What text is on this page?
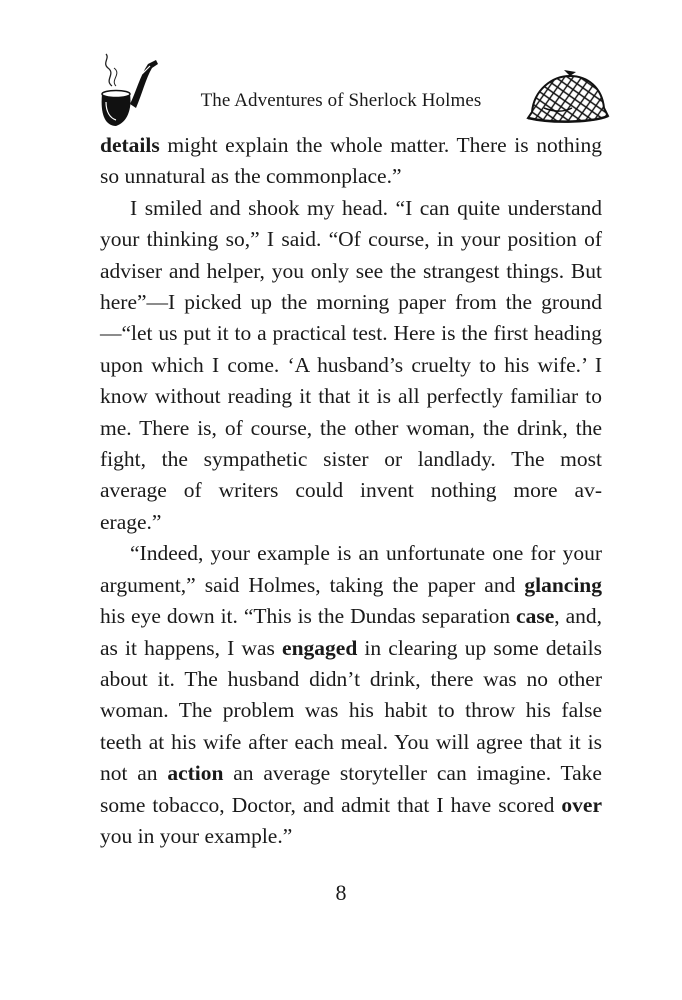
The Adventures of Sherlock Holmes

details might explain the whole matter. There is nothing so unnatural as the commonplace.”

I smiled and shook my head. “I can quite understand your thinking so,” I said. “Of course, in your position of adviser and helper, you only see the strangest things. But here”—I picked up the morning paper from the ground—“let us put it to a practical test. Here is the first heading upon which I come. ‘A husband’s cruelty to his wife.’ I know without reading it that it is all perfectly familiar to me. There is, of course, the other woman, the drink, the fight, the sympathetic sister or landlady. The most average of writers could invent nothing more av-

erage.”

“Indeed, your example is an unfortunate one for your argument,” said Holmes, taking the paper and glancing his eye down it. “This is the Dundas separation case, and, as it happens, I was engaged in clearing up some details about it. The husband didn’t drink, there was no other woman. The problem was his habit to throw his false teeth at his wife after each meal. You will agree that it is not an action an average storyteller can imagine. Take some tobacco, Doctor, and admit that I have scored over you in your example.”

8
